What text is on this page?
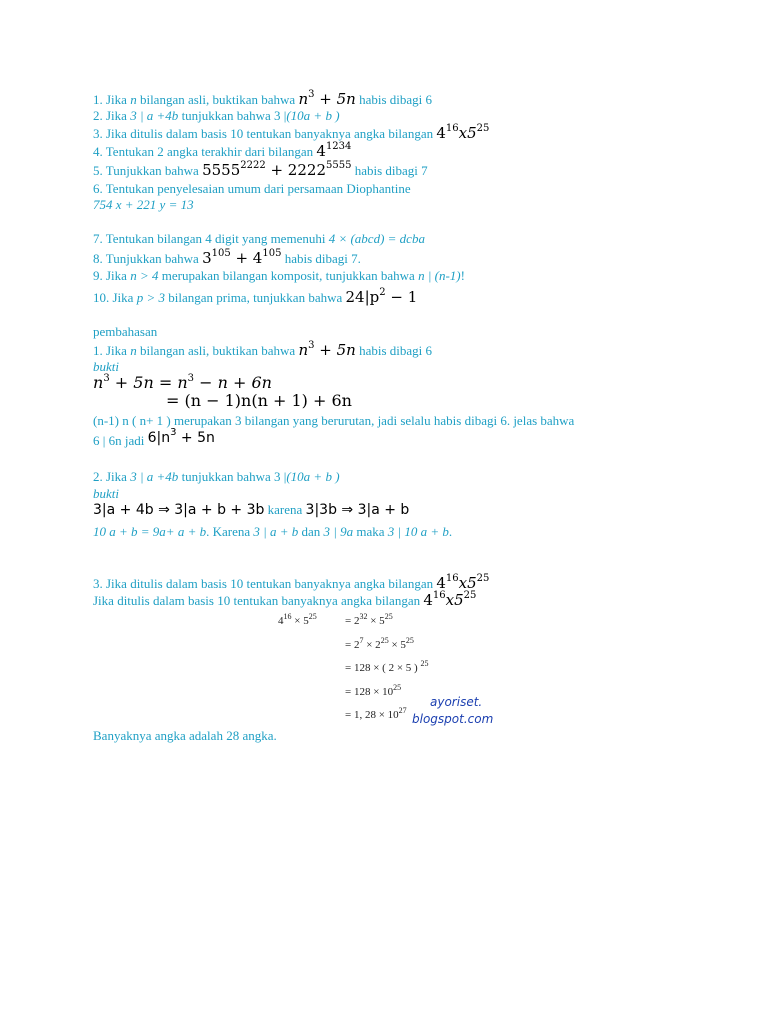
1. Jika n bilangan asli, buktikan bahwa $n^3 + 5n$ habis dibagi 6
2. Jika 3 | a +4b tunjukkan bahwa 3 |(10a + b )
3. Jika ditulis dalam basis 10 tentukan banyaknya angka bilangan $4^{16}x5^{25}$
4. Tentukan 2 angka terakhir dari bilangan $4^{1234}$
5. Tunjukkan bahwa $5555^{2222} + 2222^{5555}$ habis dibagi 7
6. Tentukan penyelesaian umum dari persamaan Diophantine
754 x + 221 y = 13
7. Tentukan bilangan 4 digit yang memenuhi 4 × (abcd) = dcba
8. Tunjukkan bahwa $3^{105} + 4^{105}$ habis dibagi 7.
9. Jika n > 4 merupakan bilangan komposit, tunjukkan bahwa n | (n-1)!
10. Jika p > 3 bilangan prima, tunjukkan bahwa $24|p^2 - 1$
pembahasan
1. Jika n bilangan asli, buktikan bahwa $n^3 + 5n$ habis dibagi 6
bukti
$n^3 + 5n = n^3 - n + 6n$
= (n − 1)n(n + 1) + 6n
(n-1) n ( n+ 1 ) merupakan 3 bilangan yang berurutan, jadi selalu habis dibagi 6. jelas bahwa
6 | 6n jadi $6|n^3 + 5n$
2. Jika 3 | a +4b tunjukkan bahwa 3 |(10a + b )
bukti
3|a + 4b ⇒ 3|a + b + 3b karena 3|3b ⇒ 3|a + b
10 a + b = 9a+ a + b. Karena 3 | a + b dan 3 | 9a maka 3 | 10 a + b.
3. Jika ditulis dalam basis 10 tentukan banyaknya angka bilangan $4^{16}x5^{25}$
Jika ditulis dalam basis 10 tentukan banyaknya angka bilangan $4^{16}x5^{25}$
$4^{16} \times 5^{25}$	= $2^{32} \times 5^{25}$
= $2^7 \times 2^{25} \times 5^{25}$
= 128 × ( 2 × 5 ) $^{25}$
= $128 \times 10^{25}$
= 1, $28 \times 10^{27}$
ayoriset.
blogspot.com
Banyaknya angka adalah 28 angka.
